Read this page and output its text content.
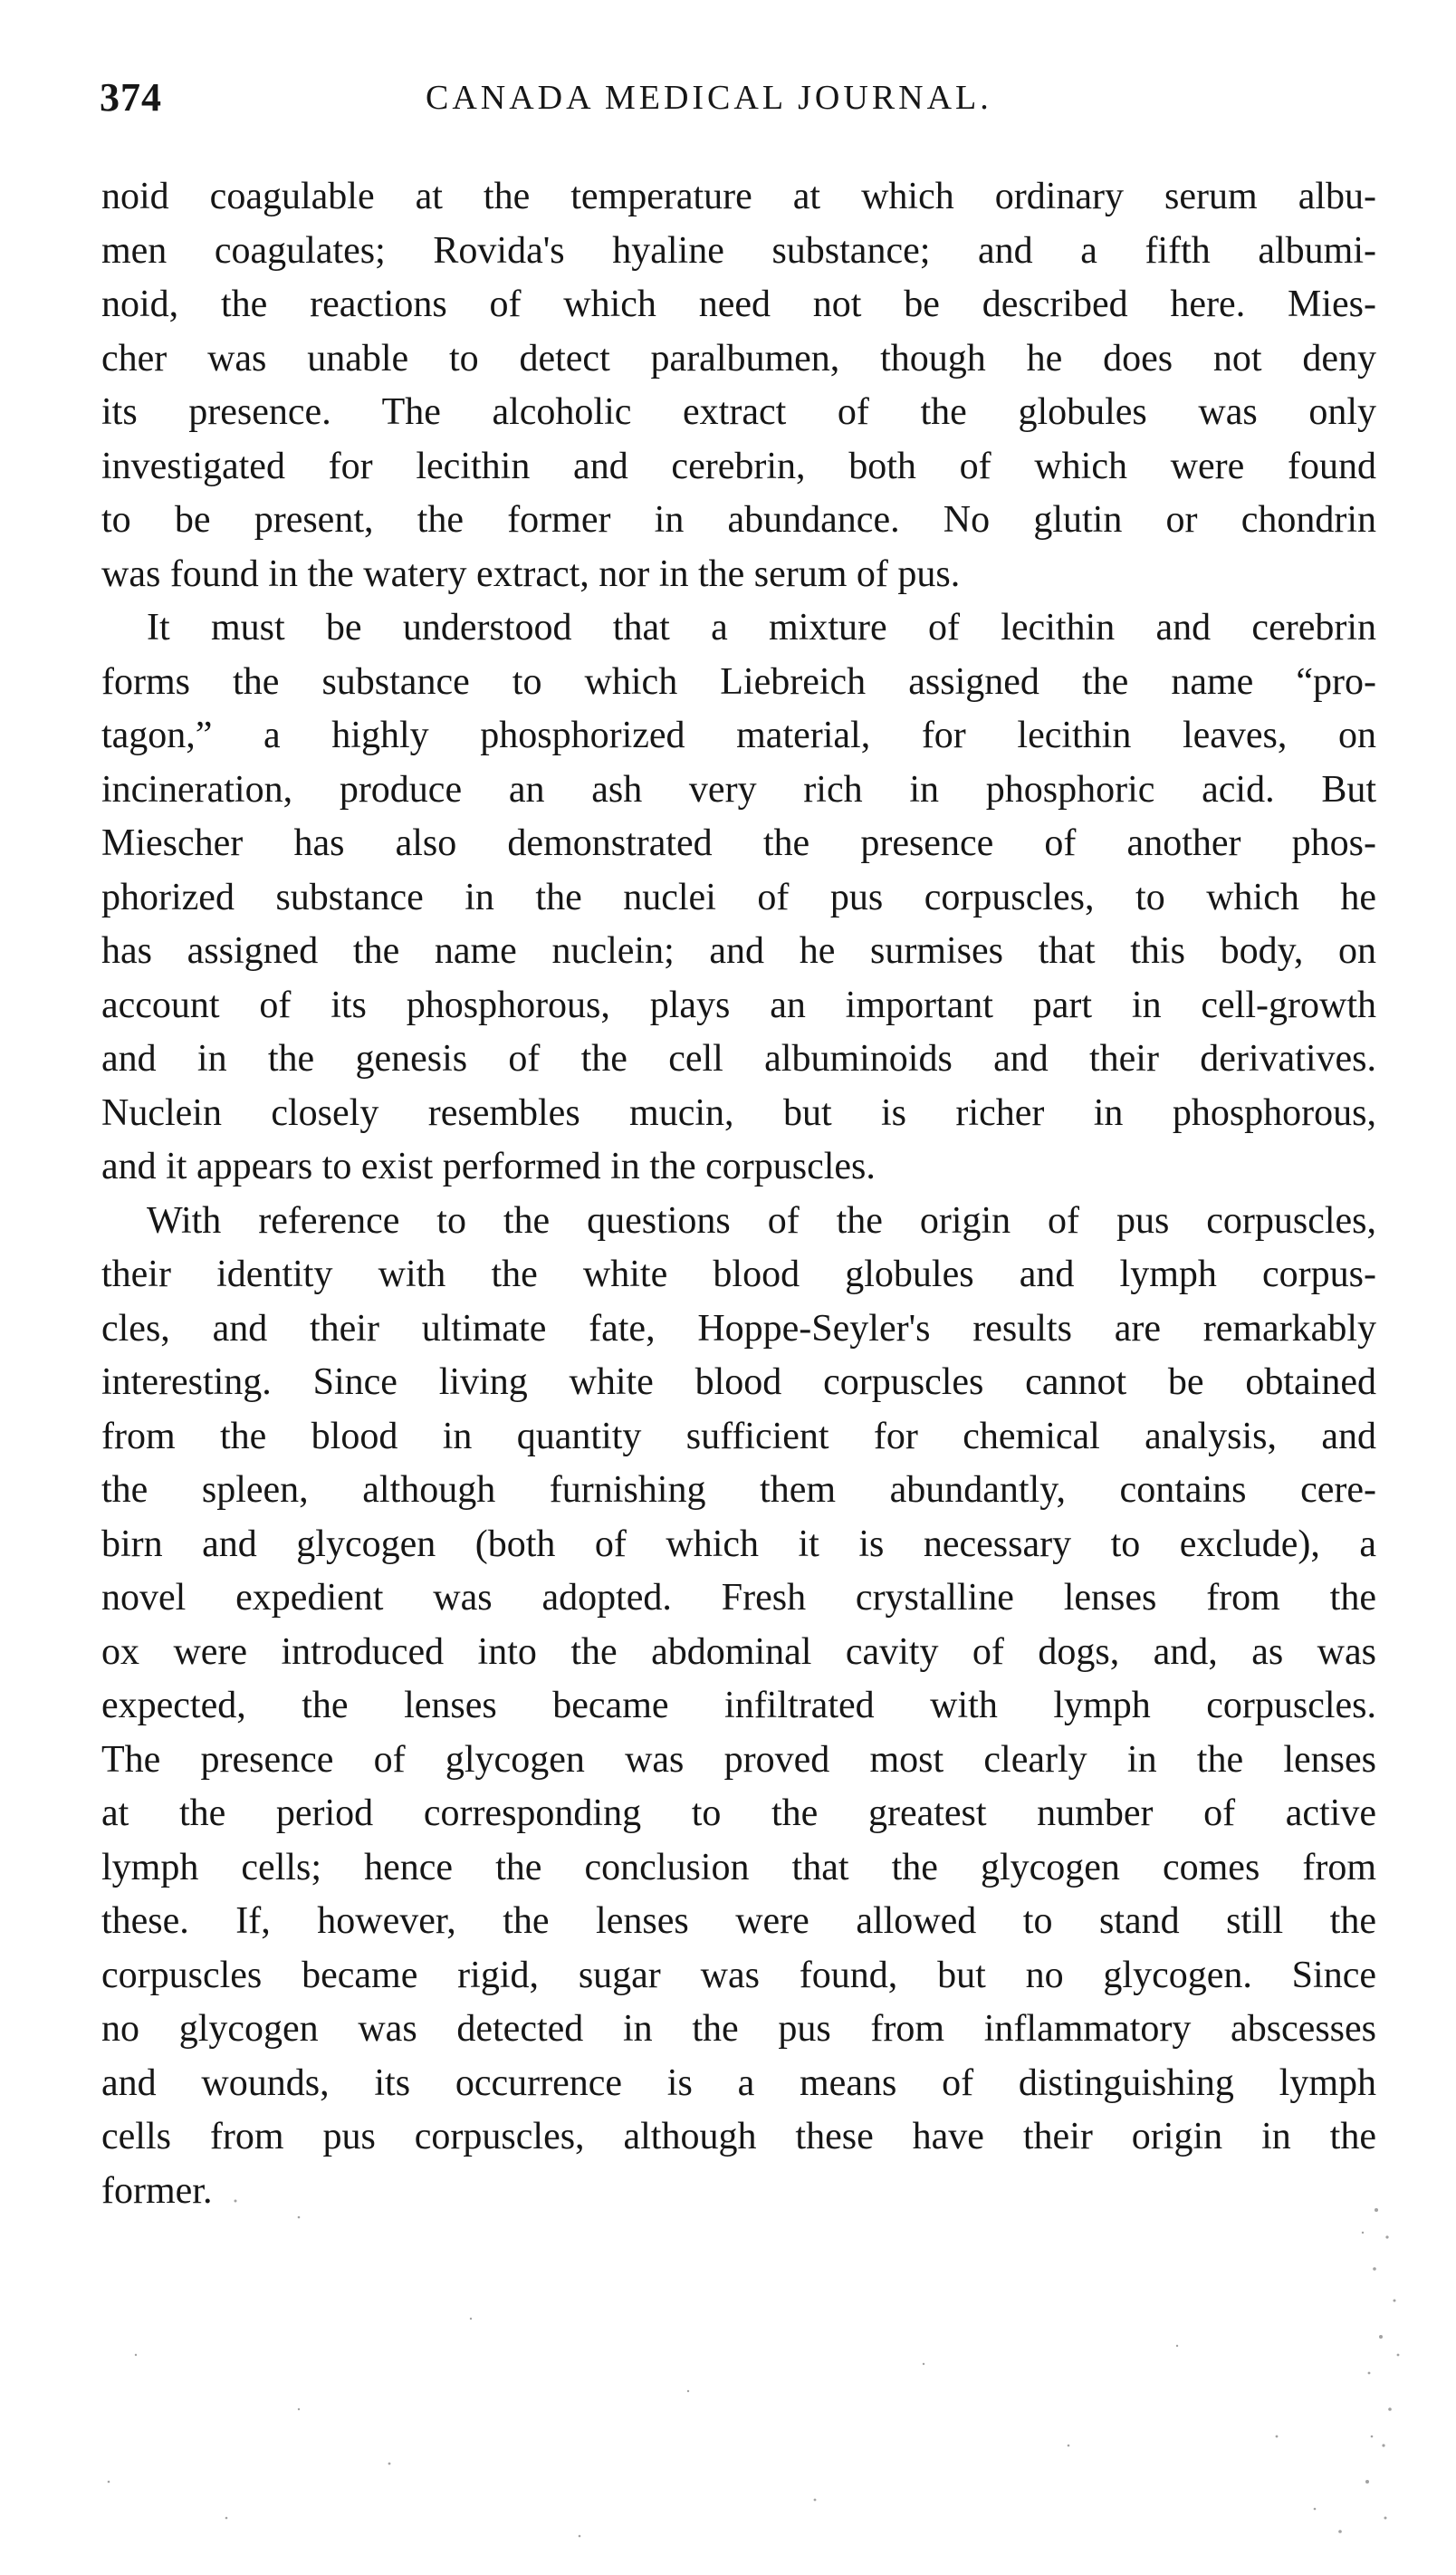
374	CANADA MEDICAL JOURNAL.
noid coagulable at the temperature at which ordinary serum albu-
men coagulates; Rovida's hyaline substance; and a fifth albumi-
noid, the reactions of which need not be described here. Mies-
cher was unable to detect paralbumen, though he does not deny
its presence. The alcoholic extract of the globules was only
investigated for lecithin and cerebrin, both of which were found
to be present, the former in abundance. No glutin or chondrin
was found in the watery extract, nor in the serum of pus.
It must be understood that a mixture of lecithin and cerebrin
forms the substance to which Liebreich assigned the name “pro-
tagon,” a highly phosphorized material, for lecithin leaves, on
incineration, produce an ash very rich in phosphoric acid. But
Miescher has also demonstrated the presence of another phos-
phorized substance in the nuclei of pus corpuscles, to which he
has assigned the name nuclein; and he surmises that this body, on
account of its phosphorous, plays an important part in cell-growth
and in the genesis of the cell albuminoids and their derivatives.
Nuclein closely resembles mucin, but is richer in phosphorous,
and it appears to exist performed in the corpuscles.
With reference to the questions of the origin of pus corpuscles,
their identity with the white blood globules and lymph corpus-
cles, and their ultimate fate, Hoppe-Seyler's results are remarkably
interesting. Since living white blood corpuscles cannot be obtained
from the blood in quantity sufficient for chemical analysis, and
the spleen, although furnishing them abundantly, contains cere-
birn and glycogen (both of which it is necessary to exclude), a
novel expedient was adopted. Fresh crystalline lenses from the
ox were introduced into the abdominal cavity of dogs, and, as was
expected, the lenses became infiltrated with lymph corpuscles.
The presence of glycogen was proved most clearly in the lenses
at the period corresponding to the greatest number of active
lymph cells; hence the conclusion that the glycogen comes from
these. If, however, the lenses were allowed to stand still the
corpuscles became rigid, sugar was found, but no glycogen. Since
no glycogen was detected in the pus from inflammatory abscesses
and wounds, its occurrence is a means of distinguishing lymph
cells from pus corpuscles, although these have their origin in the
former.
